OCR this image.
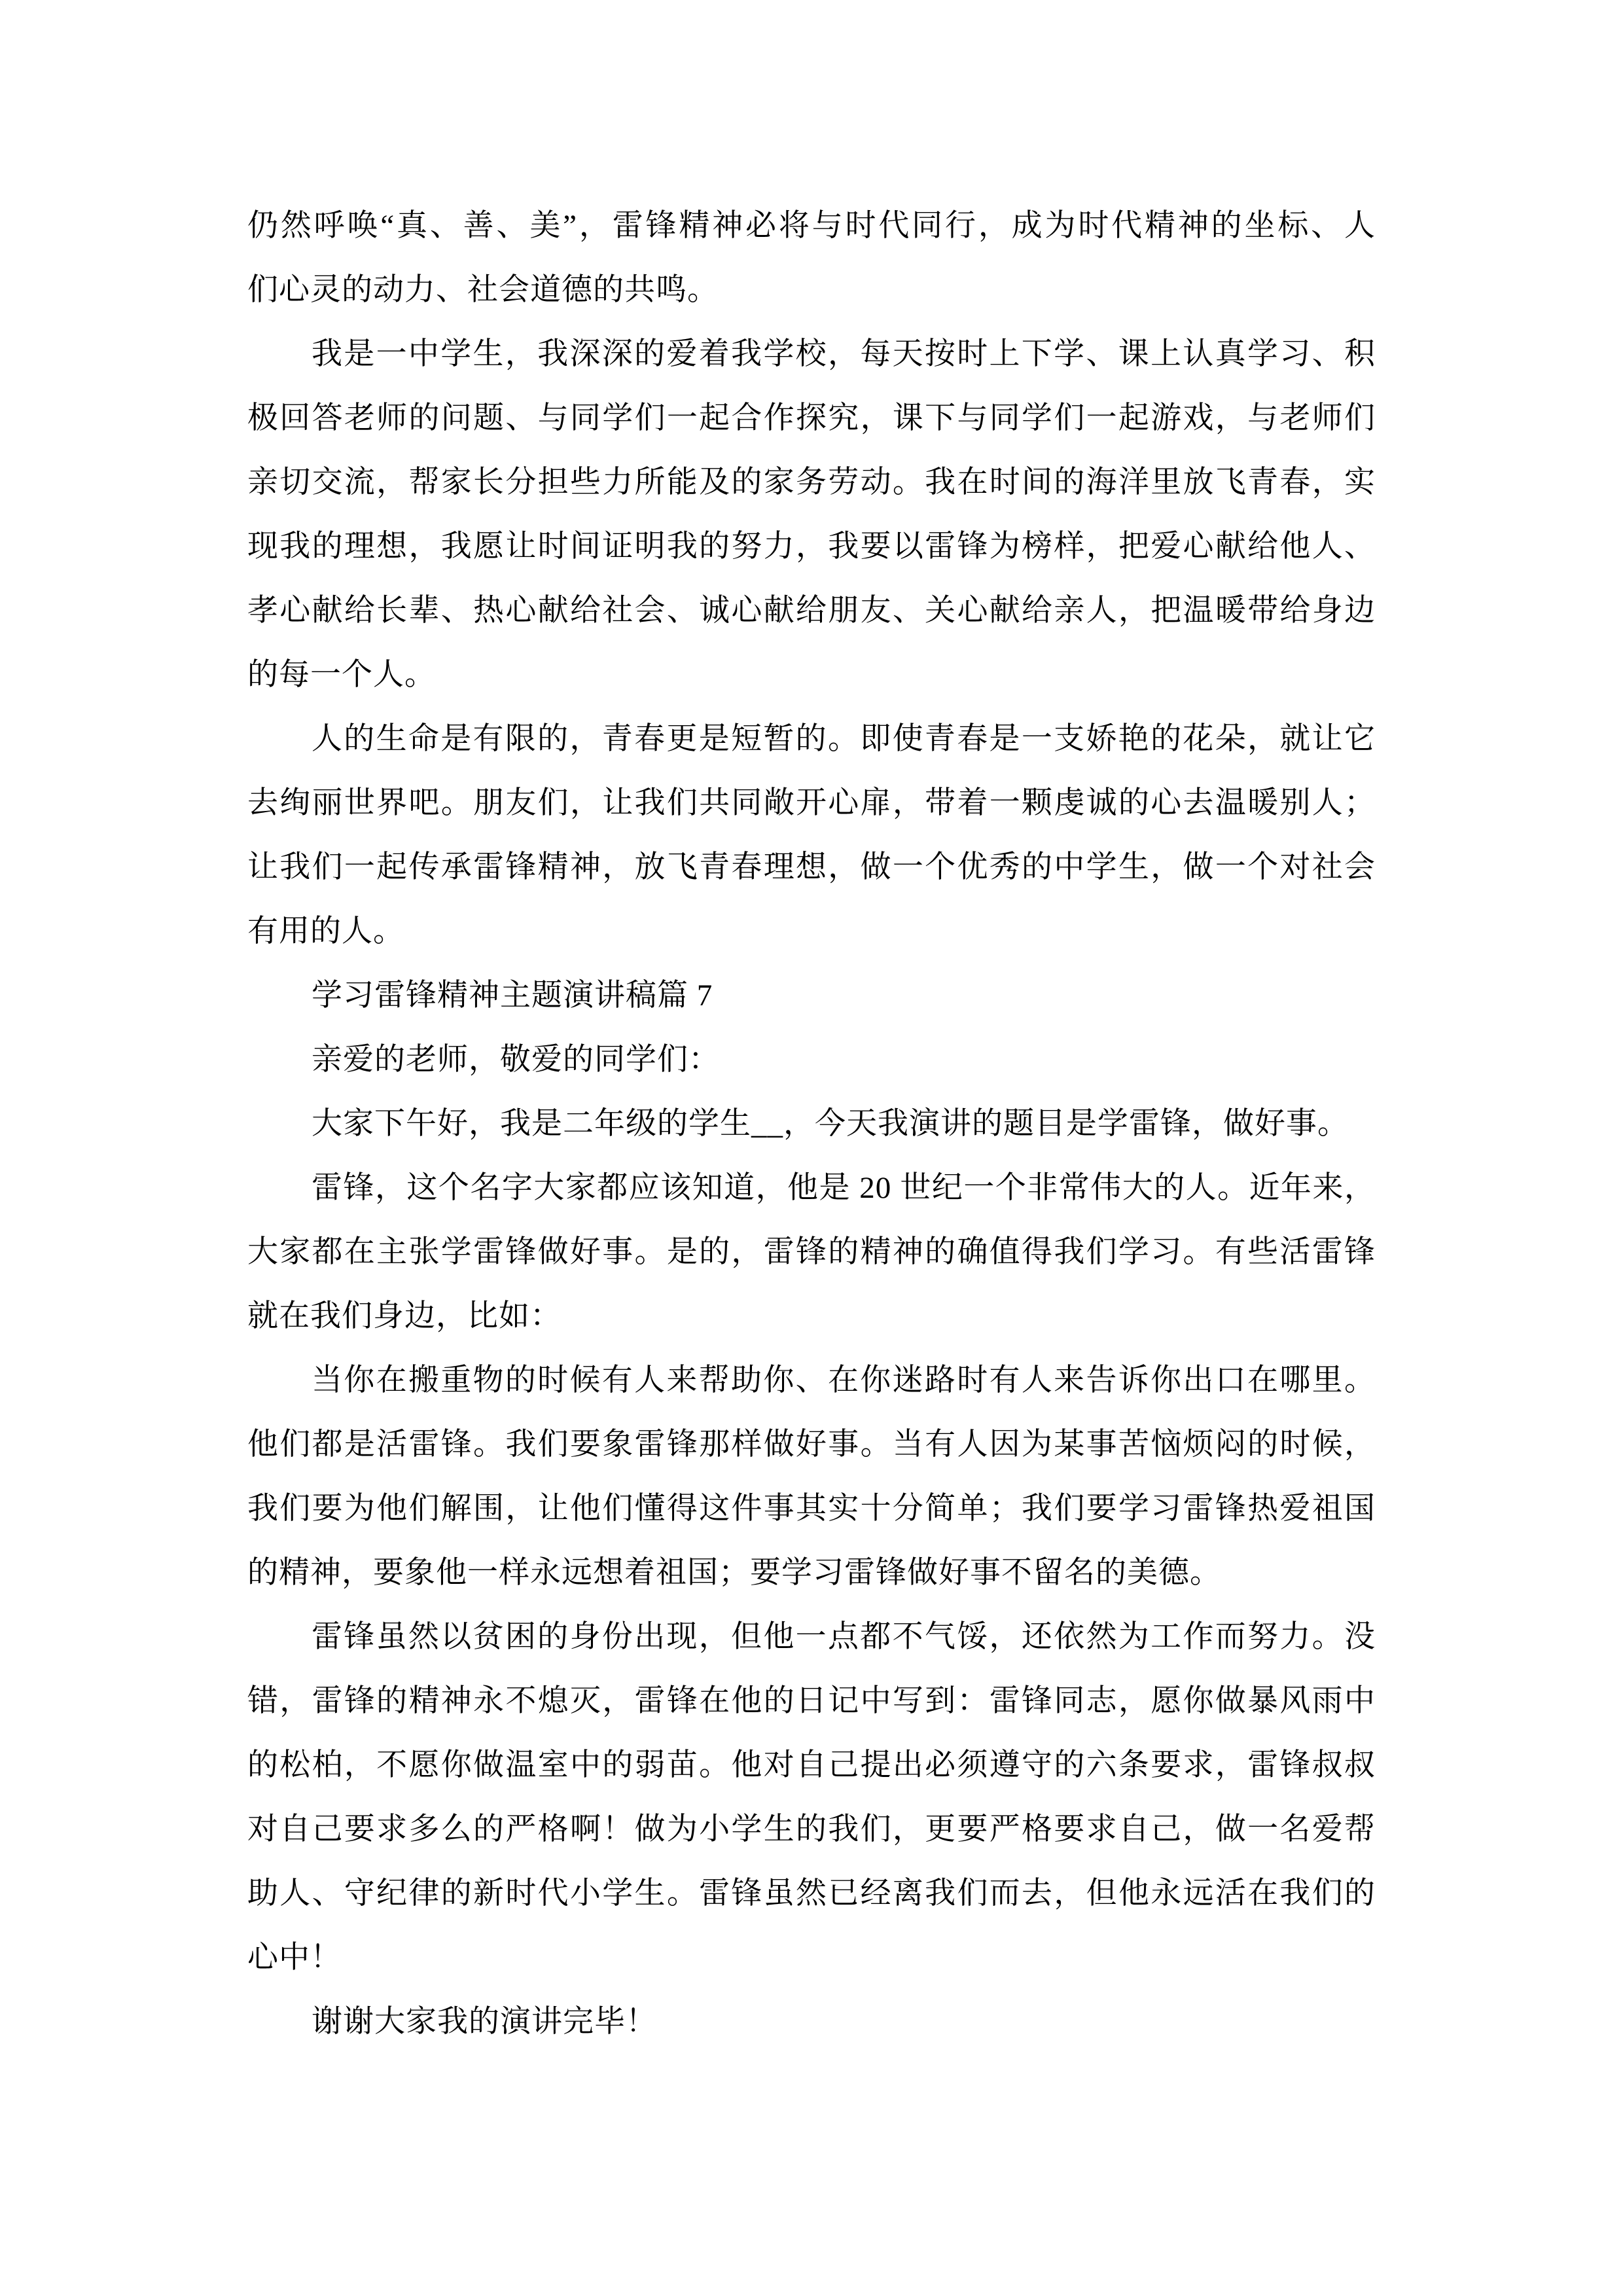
仍然呼唤“真、善、美”，雷锋精神必将与时代同行，成为时代精神的坐标、人
们心灵的动力、社会道德的共鸣。
我是一中学生，我深深的爱着我学校，每天按时上下学、课上认真学习、积
极回答老师的问题、与同学们一起合作探究，课下与同学们一起游戏，与老师们
亲切交流，帮家长分担些力所能及的家务劳动。我在时间的海洋里放飞青春，实
现我的理想，我愿让时间证明我的努力，我要以雷锋为榜样，把爱心献给他人、
孝心献给长辈、热心献给社会、诚心献给朋友、关心献给亲人，把温暖带给身边
的每一个人。
人的生命是有限的，青春更是短暂的。即使青春是一支娇艳的花朵，就让它
去绚丽世界吧。朋友们，让我们共同敞开心扉，带着一颗虔诚的心去温暖别人；
让我们一起传承雷锋精神，放飞青春理想，做一个优秀的中学生，做一个对社会
有用的人。
学习雷锋精神主题演讲稿篇 7
亲爱的老师，敬爱的同学们：
大家下午好，我是二年级的学生__，今天我演讲的题目是学雷锋，做好事。
雷锋，这个名字大家都应该知道，他是 20 世纪一个非常伟大的人。近年来，
大家都在主张学雷锋做好事。是的，雷锋的精神的确值得我们学习。有些活雷锋
就在我们身边，比如：
当你在搬重物的时候有人来帮助你、在你迷路时有人来告诉你出口在哪里。
他们都是活雷锋。我们要象雷锋那样做好事。当有人因为某事苦恼烦闷的时候，
我们要为他们解围，让他们懂得这件事其实十分简单；我们要学习雷锋热爱祖国
的精神，要象他一样永远想着祖国；要学习雷锋做好事不留名的美德。
雷锋虽然以贫困的身份出现，但他一点都不气馁，还依然为工作而努力。没
错，雷锋的精神永不熄灭，雷锋在他的日记中写到：雷锋同志，愿你做暴风雨中
的松柏，不愿你做温室中的弱苗。他对自己提出必须遵守的六条要求，雷锋叔叔
对自己要求多么的严格啊！做为小学生的我们，更要严格要求自己，做一名爱帮
助人、守纪律的新时代小学生。雷锋虽然已经离我们而去，但他永远活在我们的
心中！
谢谢大家我的演讲完毕！
